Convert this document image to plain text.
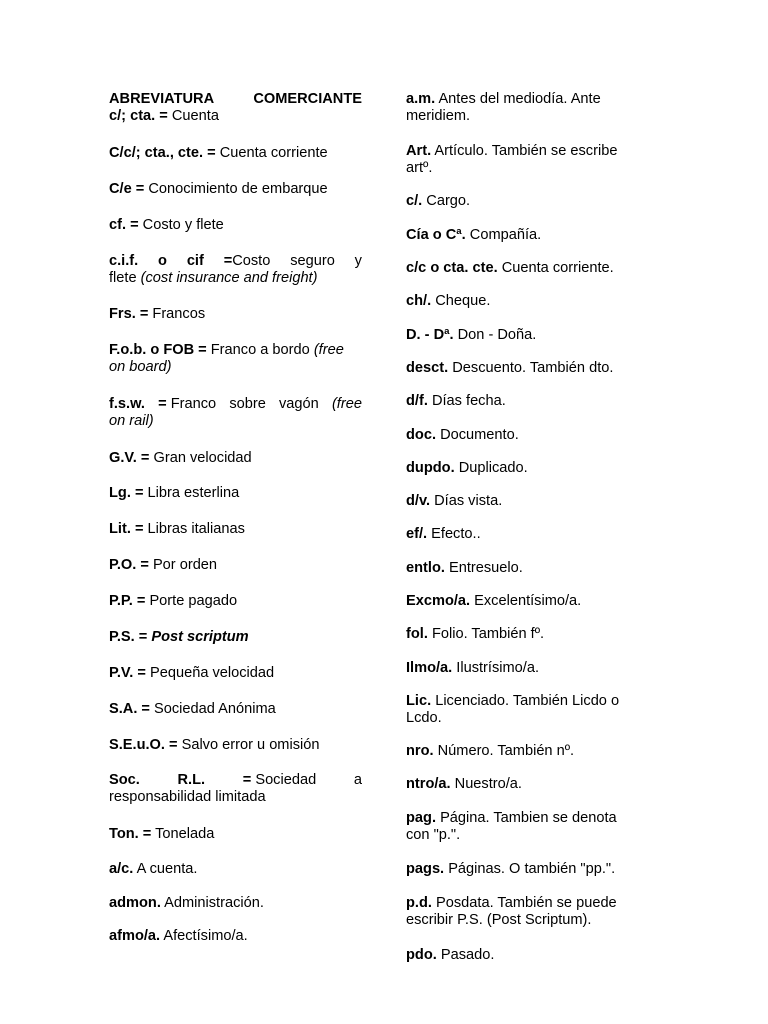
ABREVIATURA	COMERCIANTE
c/; cta. = Cuenta
C/c/; cta., cte. = Cuenta corriente
C/e = Conocimiento de embarque
cf. = Costo y flete
c.i.f. o cif =Costo seguro y
flete (cost insurance and freight)
Frs. = Francos
F.o.b. o FOB = Franco a bordo (free on board)
f.s.w. = Franco sobre vagón (free
on rail)
G.V. = Gran velocidad
Lg. = Libra esterlina
Lit. = Libras italianas
P.O. = Por orden
P.P. = Porte pagado
P.S. = Post scriptum
P.V. = Pequeña velocidad
S.A. = Sociedad Anónima
S.E.u.O. = Salvo error u omisión
Soc.	R.L.	= Sociedad	a
responsabilidad limitada
Ton. = Tonelada
a/c. A cuenta.
admon. Administración.
afmo/a. Afectísimo/a.
a.m. Antes del mediodía. Ante meridiem.
Art. Artículo. También se escribe artº.
c/. Cargo.
Cía o Cª. Compañía.
c/c o cta. cte. Cuenta corriente.
ch/. Cheque.
D. - Dª. Don - Doña.
desct. Descuento. También dto.
d/f. Días fecha.
doc. Documento.
dupdo. Duplicado.
d/v. Días vista.
ef/. Efecto..
entlo. Entresuelo.
Excmo/a. Excelentísimo/a.
fol. Folio. También fº.
Ilmo/a. Ilustrísimo/a.
Lic. Licenciado. También Licdo o Lcdo.
nro. Número. También nº.
ntro/a. Nuestro/a.
pag. Página. Tambien se denota con "p.".
pags. Páginas. O también "pp.".
p.d. Posdata. También se puede escribir P.S. (Post Scriptum).
pdo. Pasado.
